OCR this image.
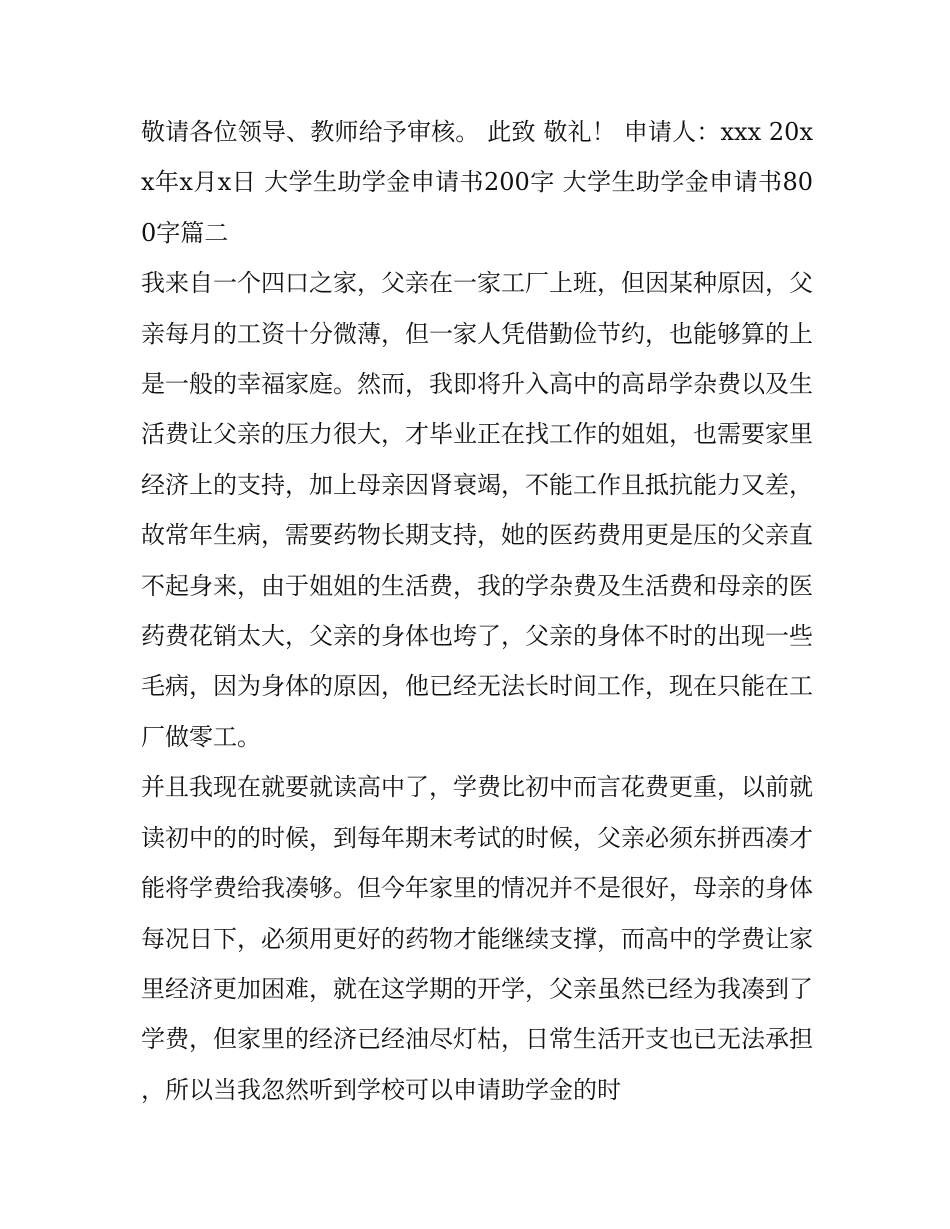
敬请各位领导、教师给予审核。 此致 敬礼！ 申请人：xxx 20xx年x月x日 大学生助学金申请书200字 大学生助学金申请书800字篇二

我来自一个四口之家，父亲在一家工厂上班，但因某种原因，父亲每月的工资十分微薄，但一家人凭借勤俭节约，也能够算的上是一般的幸福家庭。然而，我即将升入高中的高昂学杂费以及生活费让父亲的压力很大，才毕业正在找工作的姐姐，也需要家里经济上的支持，加上母亲因肾衰竭，不能工作且抵抗能力又差，故常年生病，需要药物长期支持，她的医药费用更是压的父亲直不起身来，由于姐姐的生活费，我的学杂费及生活费和母亲的医药费花销太大，父亲的身体也垮了，父亲的身体不时的出现一些毛病，因为身体的原因，他已经无法长时间工作，现在只能在工厂做零工。

并且我现在就要就读高中了，学费比初中而言花费更重，以前就读初中的的时候，到每年期末考试的时候，父亲必须东拼西凑才能将学费给我凑够。但今年家里的情况并不是很好，母亲的身体每况日下，必须用更好的药物才能继续支撑，而高中的学费让家里经济更加困难，就在这学期的开学，父亲虽然已经为我凑到了学费，但家里的经济已经油尽灯枯，日常生活开支也已无法承担，所以当我忽然听到学校可以申请助学金的时
